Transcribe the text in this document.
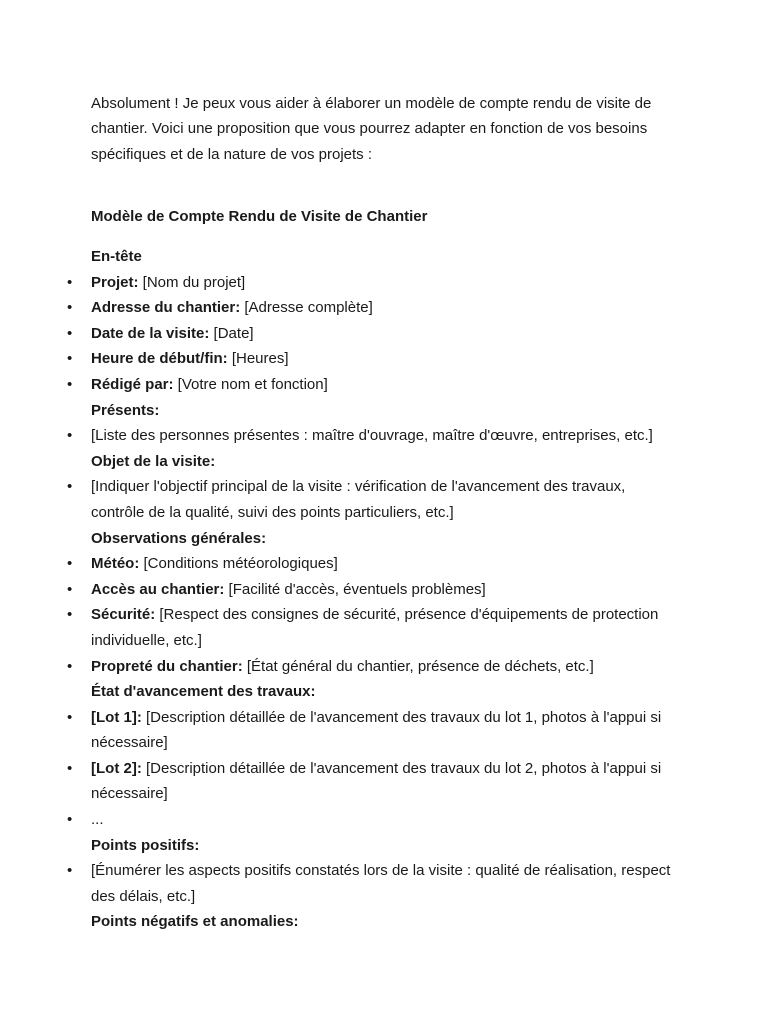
Absolument ! Je peux vous aider à élaborer un modèle de compte rendu de visite de chantier. Voici une proposition que vous pourrez adapter en fonction de vos besoins spécifiques et de la nature de vos projets :

Modèle de Compte Rendu de Visite de Chantier

En-tête

• Projet: [Nom du projet]
• Adresse du chantier: [Adresse complète]
• Date de la visite: [Date]
• Heure de début/fin: [Heures]
• Rédigé par: [Votre nom et fonction]

Présents:

• [Liste des personnes présentes : maître d'ouvrage, maître d'œuvre, entreprises, etc.]

Objet de la visite:

• [Indiquer l'objectif principal de la visite : vérification de l'avancement des travaux, contrôle de la qualité, suivi des points particuliers, etc.]

Observations générales:

• Météo: [Conditions météorologiques]
• Accès au chantier: [Facilité d'accès, éventuels problèmes]
• Sécurité: [Respect des consignes de sécurité, présence d'équipements de protection individuelle, etc.]
• Propreté du chantier: [État général du chantier, présence de déchets, etc.]

État d'avancement des travaux:

• [Lot 1]: [Description détaillée de l'avancement des travaux du lot 1, photos à l'appui si nécessaire]
• [Lot 2]: [Description détaillée de l'avancement des travaux du lot 2, photos à l'appui si nécessaire]
• ...

Points positifs:

• [Énumérer les aspects positifs constatés lors de la visite : qualité de réalisation, respect des délais, etc.]

Points négatifs et anomalies:
